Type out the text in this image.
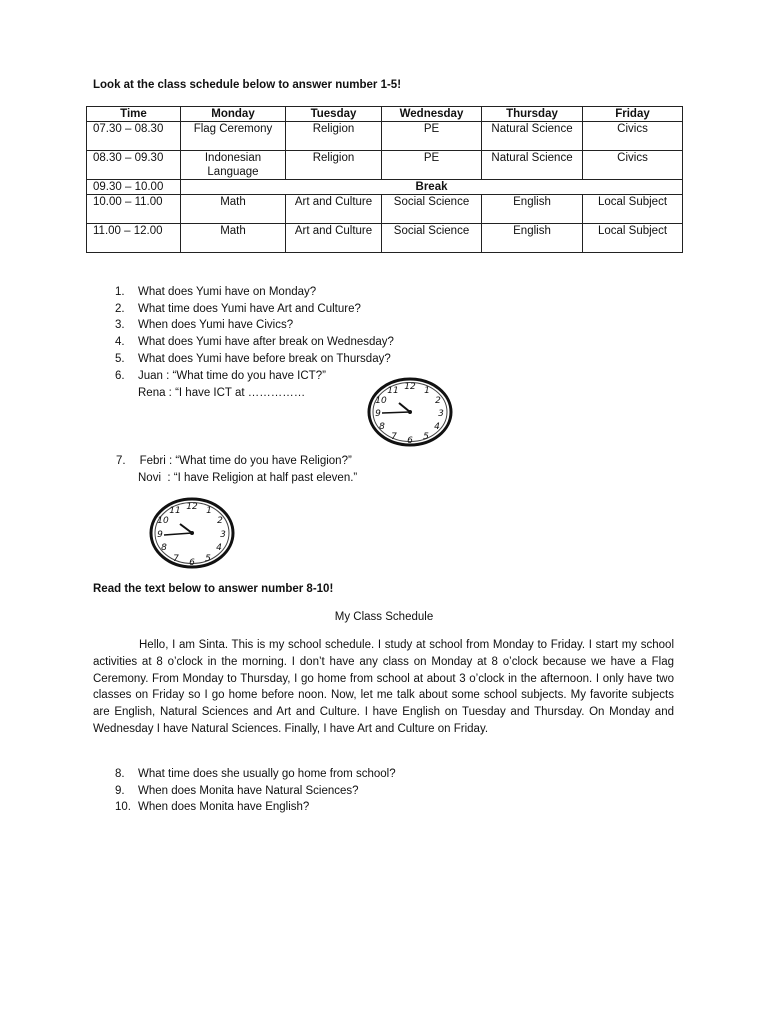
Look at the class schedule below to answer number 1-5!
Time	Monday	Tuesday	Wednesday	Thursday	Friday
07.30 – 08.30	Flag Ceremony	Religion	PE	Natural Science	Civics
08.30 – 09.30	Indonesian Language	Religion	PE	Natural Science	Civics
09.30 – 10.00	Break				
10.00 – 11.00	Math	Art and Culture	Social Science	English	Local Subject
11.00 – 12.00	Math	Art and Culture	Social Science	English	Local Subject
1. What does Yumi have on Monday?
2. What time does Yumi have Art and Culture?
3. When does Yumi have Civics?
4. What does Yumi have after break on Wednesday?
5. What does Yumi have before break on Thursday?
6. Juan : “What time do you have ICT?”
Rena : “I have ICT at ……………	12 1
2
3
4
5
6
7
8
9
10
11
7. Febri : “What time do you have Religion?”
Novi  : “I have Religion at half past eleven.”
12 1
2
3
4
5
6
7
8
9
10
11
Read the text below to answer number 8-10!
My Class Schedule
Hello, I am Sinta. This is my school schedule. I study at school from Monday to Friday. I start my school activities at 8 o’clock in the morning. I don’t have any class on Monday at 8 o’clock because we have a Flag Ceremony. From Monday to Thursday, I go home from school at about 3 o’clock in the afternoon. I only have two classes on Friday so I go home before noon. Now, let me talk about some school subjects. My favorite subjects are English, Natural Sciences and Art and Culture. I have English on Tuesday and Thursday. On Monday and Wednesday I have Natural Sciences. Finally, I have Art and Culture on Friday.
8. What time does she usually go home from school?
9. When does Monita have Natural Sciences?
10. When does Monita have English?
